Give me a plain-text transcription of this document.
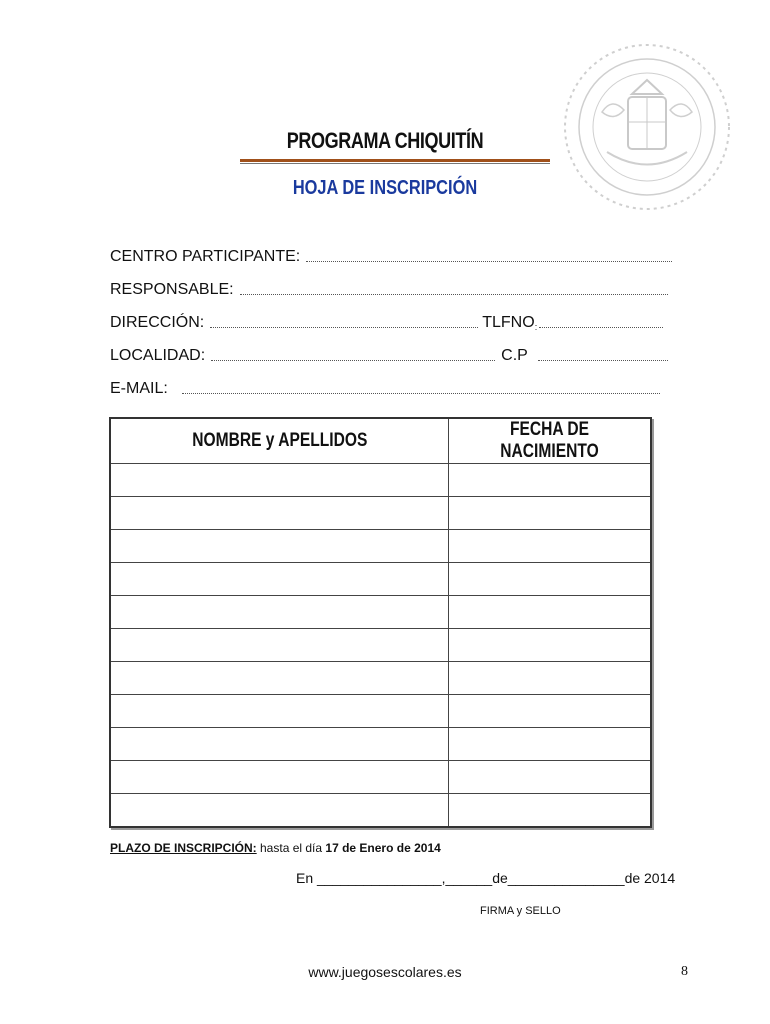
PROGRAMA CHIQUITÍN
HOJA DE INSCRIPCIÓN
CENTRO PARTICIPANTE:
RESPONSABLE:
DIRECCIÓN:	TLFNO :
LOCALIDAD:	C.P
E-MAIL:
NOMBRE y APELLIDOS	FECHA DE NACIMIENTO

PLAZO DE INSCRIPCIÓN: hasta el día 17 de Enero de 2014
En ________________,______de_______________de 2014
FIRMA y SELLO
www.juegosescolares.es	8
